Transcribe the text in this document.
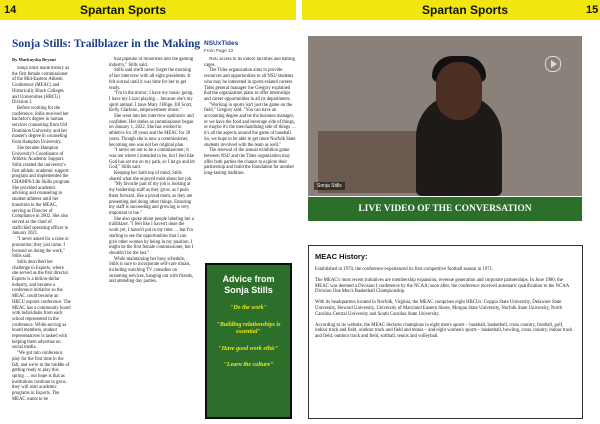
14	Spartan Sports	Spartan Sports	15
Sonja Stills: Trailblazer in the Making
By Markaysha Bryant

Sonja Stills made history as the first female commissioner of the Mid-Eastern Athletic Conference (MEAC) and Historically Black Colleges and Universities (HBCU) Division I.

Before working for the conference, Stills received her bachelor's degree in human services counseling from Old Dominion University and her master's degree in counseling from Hampton University.

She became Hampton University's Coordinator of Athletic Academic Support. Stills created the university's first athletic academic support program and implemented the CHAMPS/Life Skills program. She provided academic advising and counseling to student-athletes until her transition to the MEAC, serving as Director of Compliance in 2002. She also served as the chief of staff/chief operating officer in January 2021.

"I never asked for a raise or promotion; they just came. I focused on doing the work," Stills said.

Stills described her challenge in Esports, where she served as the first director. Esports is a billion-dollar industry, and became a conference initiative so the MEAC could become an HBCU esports conference. The MEAC has a community board with individuals from each school represented in the conference. While serving as board members, student representatives is tasked with helping them advertise on social media.

"We got into conference play for the first time in the fall, and we're in the middle of getting ready to play this spring … our hope is that as institutions continue to grow, they will start academic programs in Esports. The MEAC wants to be

that pipeline of minorities into the gaming industry," Stills said.

Stills said she'll never forget the morning of her interview with all eight presidents. It felt surreal until it was time for her to get ready.

"I'm in the mirror; I have my music going. I have my Lizzo playing… because she's my spirit animal. I have Mary J Blige, Jill Scott, Kelly Clarkson, empowerment music."

She went into her interview optimistic and confident. Her duties as commissioner began on January 1, 2022. She has worked in athletics for 28 years and the MEAC for 20 years. Though she is now a commissioner, becoming one was not her original plan.

"I never set out to be a commissioner; it was not where I intended to be, but I feel like God has set me on my path, so I let go and let God," Stills said.

Keeping her faith top of mind, Stills shared what she enjoyed most about her job.

"My favorite part of my job is looking at my leadership staff as they grow, as I push them forward, like a proud mom, as they are presenting and doing other things. Ensuring my staff is succeeding and growing is very important to me."

She also spoke about people labeling her a trailblazer. "I feel like I haven't done the work yet, I haven't put in my time … but I'm starting to see the opportunities that I can give other women by being in my position. I might be the first female commissioner, but I shouldn't be the last."

While maintaining her busy schedule, Stills is sure to incorporate self-care rituals, including watching TV comedies on streaming services, hanging out with friends, and attending day parties.

NSUxTides
From Page 13

NSU access to its indoor facilities and batting cages.

The Tides organization aims to provide resources and opportunities to all NSU students who may be interested in sports-related careers. Tides general manager Joe Gregory explained that the organization plans to offer internships and career opportunities in all its departments.

"Working in sports isn't just the game on the field," Gregory said. "You can have an accounting degree and be the business manager, or we have the food and beverage side of things, or maybe it's the merchandising side of things … it's all the aspects around the game of baseball. So, we hope to be able to get more Norfolk State students involved with the team as well."

The renewal of the annual exhibition game between NSU and the Tides organization may offer both parties the chance to explore their partnership and build the foundation for another long-lasting tradition.

Advice from
Sonja Stills
"Do the work"
"Building relationships is essential"
"Have good work ethic"
"Learn the culture"
Sonja Stills
LIVE VIDEO OF THE CONVERSATION
MEAC History:

Established in 1970, the conference experienced its first competitive football season in 1971.

The MEAC's most recent initiatives are membership expansion, revenue generation and corporate partnerships. In June 1980, the MEAC was deemed a Division I conference by the NCAA; soon after, the conference received automatic qualification to the NCAA Division One Men's Basketball Championship.

With its headquarters located in Norfolk, Virginia, the MEAC comprises eight HBCUs: Coppin State University, Delaware State University, Howard University, University of Maryland Eastern Shore, Morgan State University, Norfolk State University, North Carolina Central University and South Carolina State University.

According to its website, the MEAC declares champions in eight men's sports – baseball, basketball, cross country, football, golf, indoor track and field, outdoor track and field and tennis – and eight women's sports – basketball, bowling, cross country, indoor track and field, outdoor track and field, softball, tennis and volleyball.
